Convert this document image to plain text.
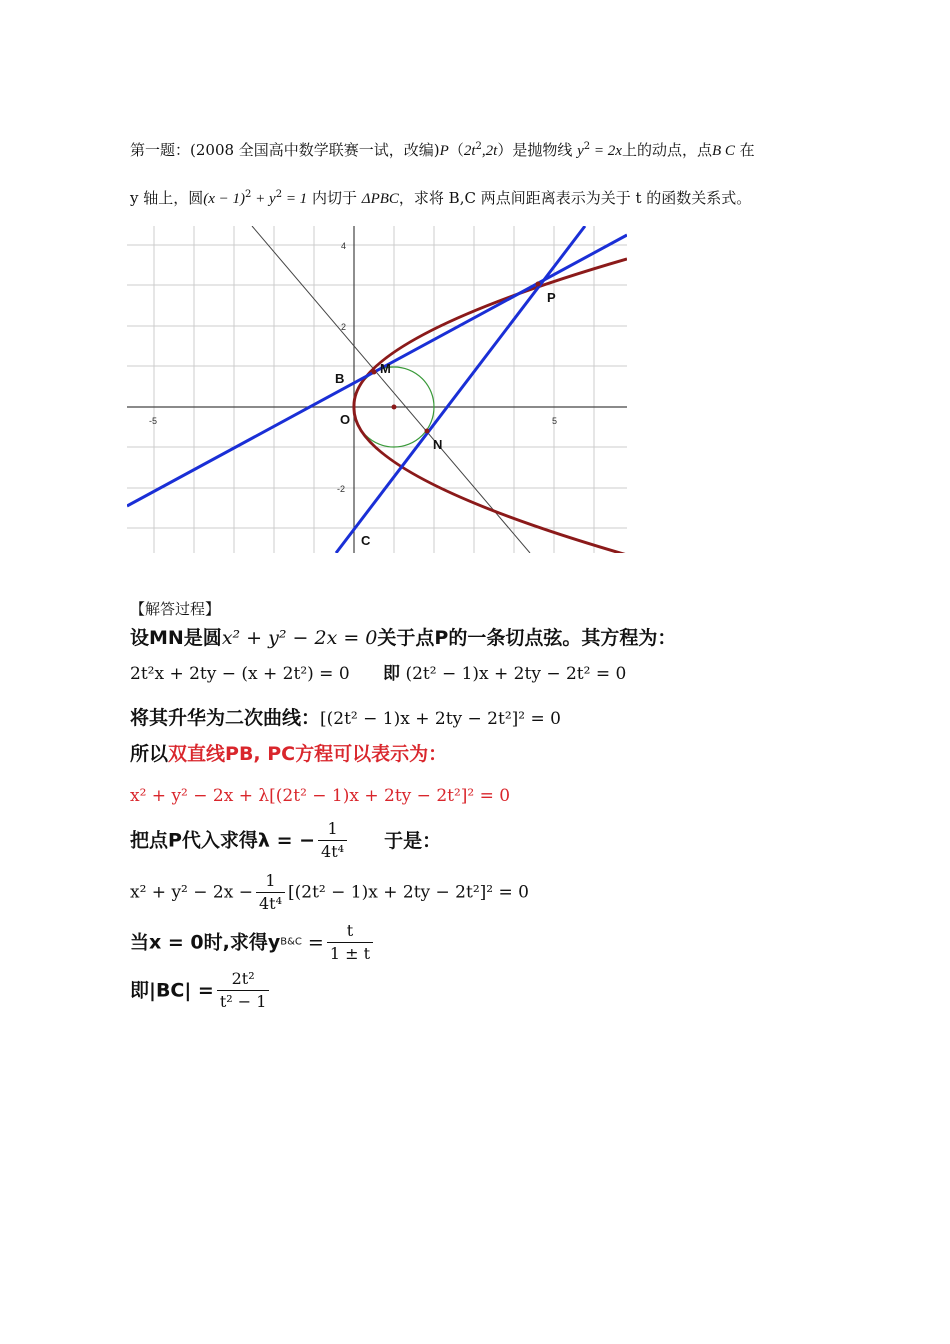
第一题：(2008 全国高中数学联赛一试，改编)$P(2t^2,2t)$是抛物线 $y^2 = 2x$上的动点，点B C 在
y 轴上，圆$(x - 1)^2 + y^2 = 1$ 内切于 ΔPBC，求将 B,C 两点间距离表示为关于 t 的函数关系式。
-5	5
4
2
-2
P
B
M
O
N
C
【解答过程】
设MN是圆x² + y² − 2x = 0关于点P的一条切点弦。其方程为：
2t²x + 2ty − (x + 2t²) = 0 即 (2t² − 1)x + 2ty − 2t² = 0
将其升华为二次曲线：[(2t² − 1)x + 2ty − 2t²]² = 0
所以双直线PB, PC方程可以表示为：
x² + y² − 2x + λ[(2t² − 1)x + 2ty − 2t²]² = 0
把点P代入求得λ = − $\frac{1}{\text{4t⁴}}$ 于是：
$x^2 + y^2 - 2x - \frac{1}{\text{4t⁴}} [(2t^2 - 1)x + 2ty - 2t^2]^2 = 0$
当x = 0时,求得yB&C = $\frac{t}{1 \pm t}$
即$|BC| = \frac{\text{2t²}}{\text{t² − 1}}$
